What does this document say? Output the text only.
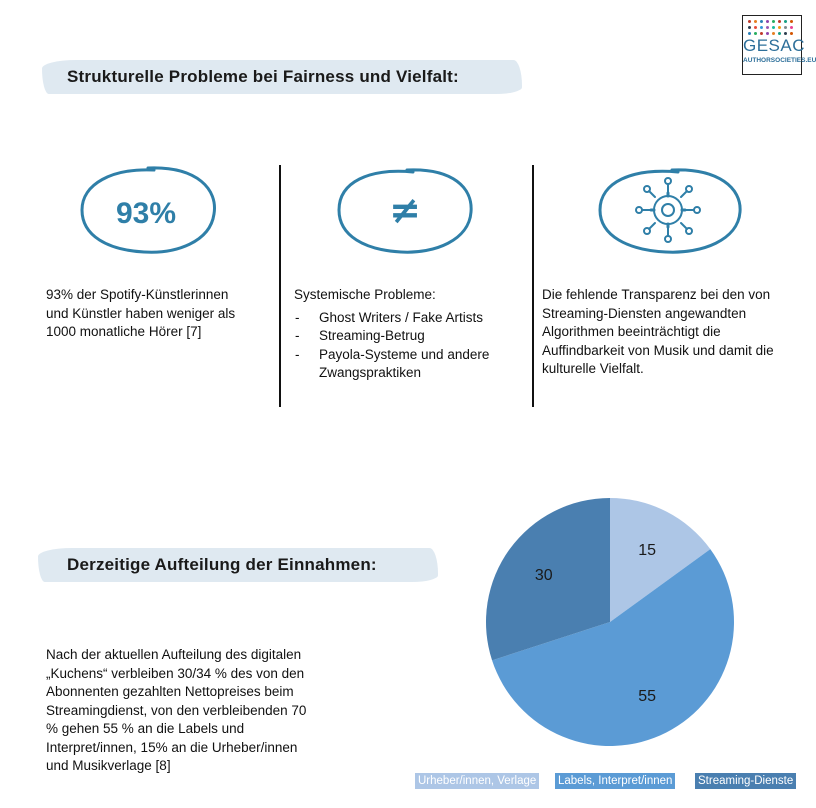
GESAC
AUTHORSOCIETIES.EU
Strukturelle Probleme bei Fairness und Vielfalt:
93%
93% der Spotify-Künstlerinnen und Künstler haben weniger als 1000 monatliche Hörer [7]
≠
Systemische Probleme:
- Ghost Writers / Fake Artists
- Streaming-Betrug
- Payola-Systeme und andere Zwangspraktiken
Die fehlende Transparenz bei den von Streaming-Diensten angewandten Algorithmen beeinträchtigt die Auffindbarkeit von Musik und damit die kulturelle Vielfalt.
Derzeitige Aufteilung der Einnahmen:
Nach der aktuellen Aufteilung des digitalen „Kuchens“ verbleiben 30/34 % des von den Abonnenten gezahlten Nettopreises beim Streamingdienst, von den verbleibenden 70 % gehen 55 % an die Labels und Interpret/innen, 15% an die Urheber/innen und Musikverlage [8]
15
55
30
Urheber/innen, Verlage Labels, Interpret/innen Streaming-Dienste
